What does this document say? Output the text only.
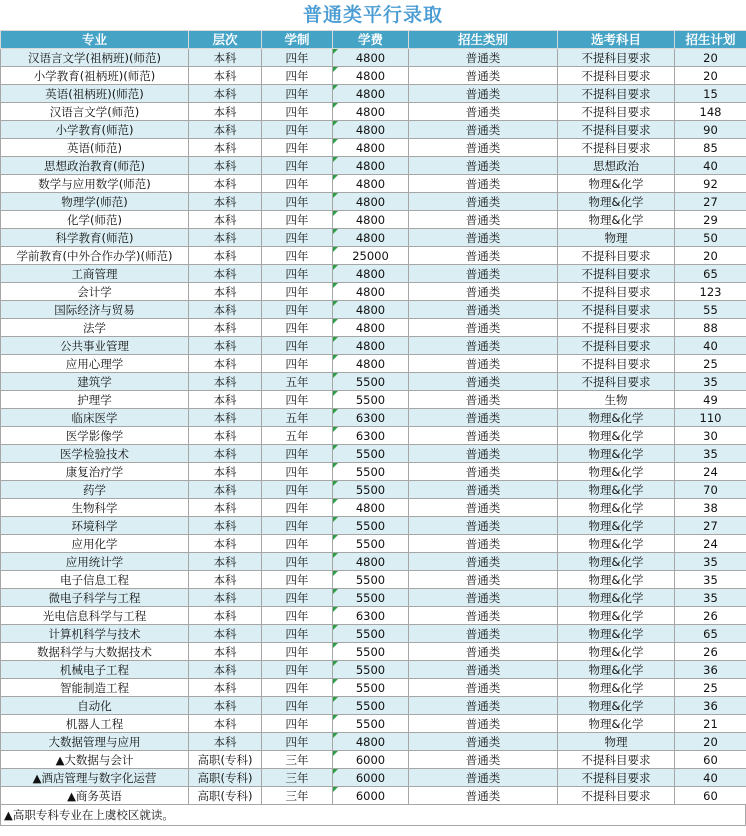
普通类平行录取
专业	层次	学制	学费	招生类别	选考科目	招生计划
汉语言文学(祖柄班)(师范)	本科	四年	4800	普通类	不提科目要求	20
小学教育(祖柄班)(师范)	本科	四年	4800	普通类	不提科目要求	20
英语(祖柄班)(师范)	本科	四年	4800	普通类	不提科目要求	15
汉语言文学(师范)	本科	四年	4800	普通类	不提科目要求	148
小学教育(师范)	本科	四年	4800	普通类	不提科目要求	90
英语(师范)	本科	四年	4800	普通类	不提科目要求	85
思想政治教育(师范)	本科	四年	4800	普通类	思想政治	40
数学与应用数学(师范)	本科	四年	4800	普通类	物理&化学	92
物理学(师范)	本科	四年	4800	普通类	物理&化学	27
化学(师范)	本科	四年	4800	普通类	物理&化学	29
科学教育(师范)	本科	四年	4800	普通类	物理	50
学前教育(中外合作办学)(师范)	本科	四年	25000	普通类	不提科目要求	20
工商管理	本科	四年	4800	普通类	不提科目要求	65
会计学	本科	四年	4800	普通类	不提科目要求	123
国际经济与贸易	本科	四年	4800	普通类	不提科目要求	55
法学	本科	四年	4800	普通类	不提科目要求	88
公共事业管理	本科	四年	4800	普通类	不提科目要求	40
应用心理学	本科	四年	4800	普通类	不提科目要求	25
建筑学	本科	五年	5500	普通类	不提科目要求	35
护理学	本科	四年	5500	普通类	生物	49
临床医学	本科	五年	6300	普通类	物理&化学	110
医学影像学	本科	五年	6300	普通类	物理&化学	30
医学检验技术	本科	四年	5500	普通类	物理&化学	35
康复治疗学	本科	四年	5500	普通类	物理&化学	24
药学	本科	四年	5500	普通类	物理&化学	70
生物科学	本科	四年	4800	普通类	物理&化学	38
环境科学	本科	四年	5500	普通类	物理&化学	27
应用化学	本科	四年	5500	普通类	物理&化学	24
应用统计学	本科	四年	4800	普通类	物理&化学	35
电子信息工程	本科	四年	5500	普通类	物理&化学	35
微电子科学与工程	本科	四年	5500	普通类	物理&化学	35
光电信息科学与工程	本科	四年	6300	普通类	物理&化学	26
计算机科学与技术	本科	四年	5500	普通类	物理&化学	65
数据科学与大数据技术	本科	四年	5500	普通类	物理&化学	26
机械电子工程	本科	四年	5500	普通类	物理&化学	36
智能制造工程	本科	四年	5500	普通类	物理&化学	25
自动化	本科	四年	5500	普通类	物理&化学	36
机器人工程	本科	四年	5500	普通类	物理&化学	21
大数据管理与应用	本科	四年	4800	普通类	物理	20
▲大数据与会计	高职(专科)	三年	6000	普通类	不提科目要求	60
▲酒店管理与数字化运营	高职(专科)	三年	6000	普通类	不提科目要求	40
▲商务英语	高职(专科)	三年	6000	普通类	不提科目要求	60
▲高职专科专业在上虞校区就读。
